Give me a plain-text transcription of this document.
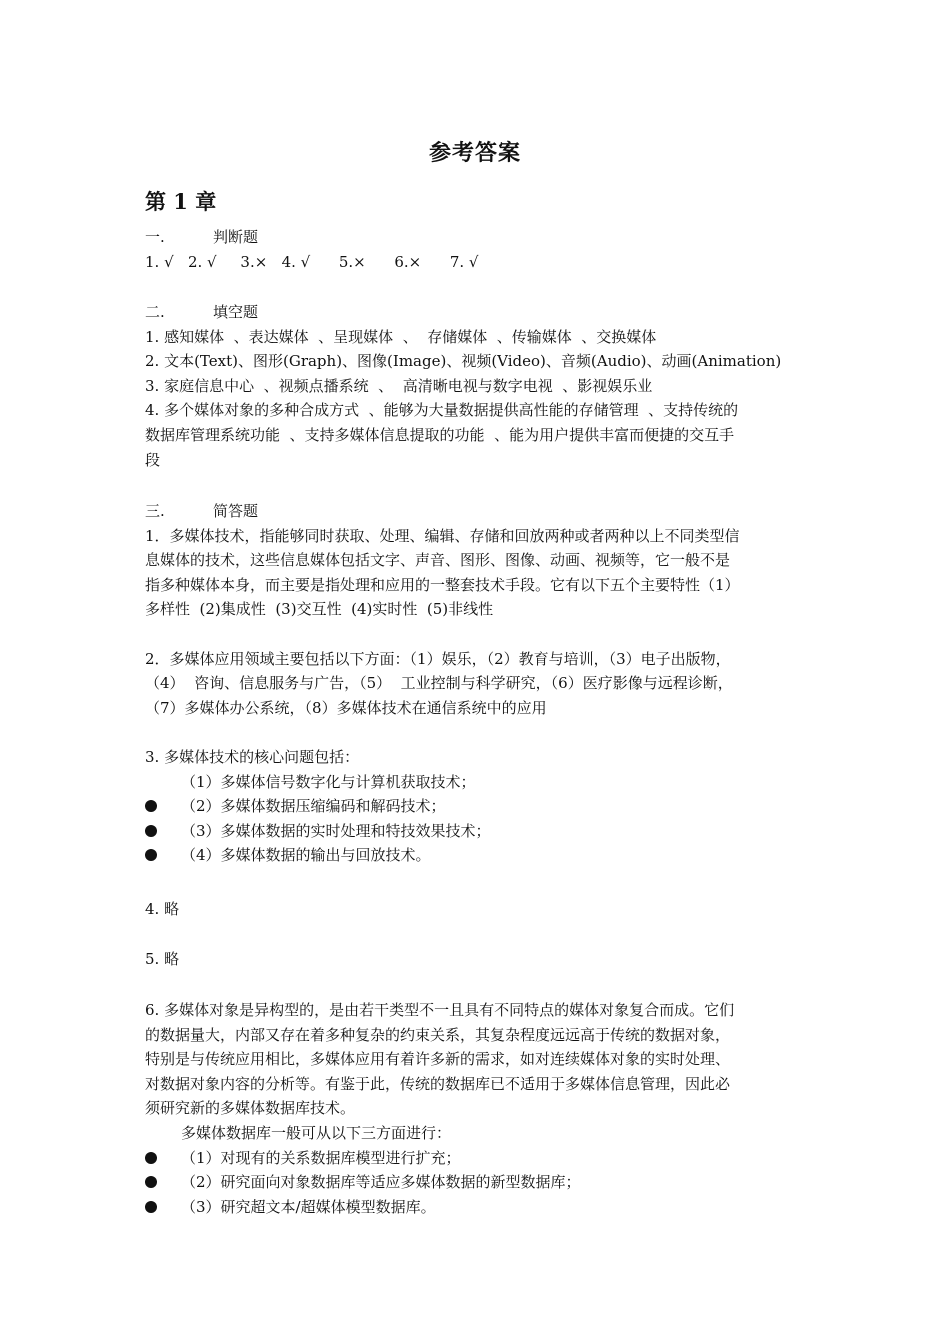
参考答案
第 1 章
一.	判断题
1. √   2. √     3.×   4. √      5.×      6.×      7. √
二.	填空题
1. 感知媒体  、表达媒体  、呈现媒体  、  存储媒体  、传输媒体  、交换媒体
2. 文本(Text)、图形(Graph)、图像(Image)、视频(Video)、音频(Audio)、动画(Animation)
3. 家庭信息中心  、视频点播系统  、  高清晰电视与数字电视  、影视娱乐业
4. 多个媒体对象的多种合成方式  、能够为大量数据提供高性能的存储管理  、支持传统的
数据库管理系统功能  、支持多媒体信息提取的功能  、能为用户提供丰富而便捷的交互手
段
三.	简答题
1．多媒体技术，指能够同时获取、处理、编辑、存储和回放两种或者两种以上不同类型信
息媒体的技术，这些信息媒体包括文字、声音、图形、图像、动画、视频等，它一般不是
指多种媒体本身，而主要是指处理和应用的一整套技术手段。它有以下五个主要特性（1）
多样性  (2)集成性  (3)交互性  (4)实时性  (5)非线性
2．多媒体应用领域主要包括以下方面：（1）娱乐，（2）教育与培训，（3）电子出版物，
（4）  咨询、信息服务与广告，（5）  工业控制与科学研究，（6）医疗影像与远程诊断，
（7）多媒体办公系统，（8）多媒体技术在通信系统中的应用
3. 多媒体技术的核心问题包括：
（1）多媒体信号数字化与计算机获取技术；
（2）多媒体数据压缩编码和解码技术；
（3）多媒体数据的实时处理和特技效果技术；
（4）多媒体数据的输出与回放技术。
4. 略
5. 略
6. 多媒体对象是异构型的，是由若干类型不一且具有不同特点的媒体对象复合而成。它们
的数据量大，内部又存在着多种复杂的约束关系，其复杂程度远远高于传统的数据对象，
特别是与传统应用相比，多媒体应用有着许多新的需求，如对连续媒体对象的实时处理、
对数据对象内容的分析等。有鉴于此，传统的数据库已不适用于多媒体信息管理，因此必
须研究新的多媒体数据库技术。
多媒体数据库一般可从以下三方面进行：
（1）对现有的关系数据库模型进行扩充；
（2）研究面向对象数据库等适应多媒体数据的新型数据库；
（3）研究超文本/超媒体模型数据库。
